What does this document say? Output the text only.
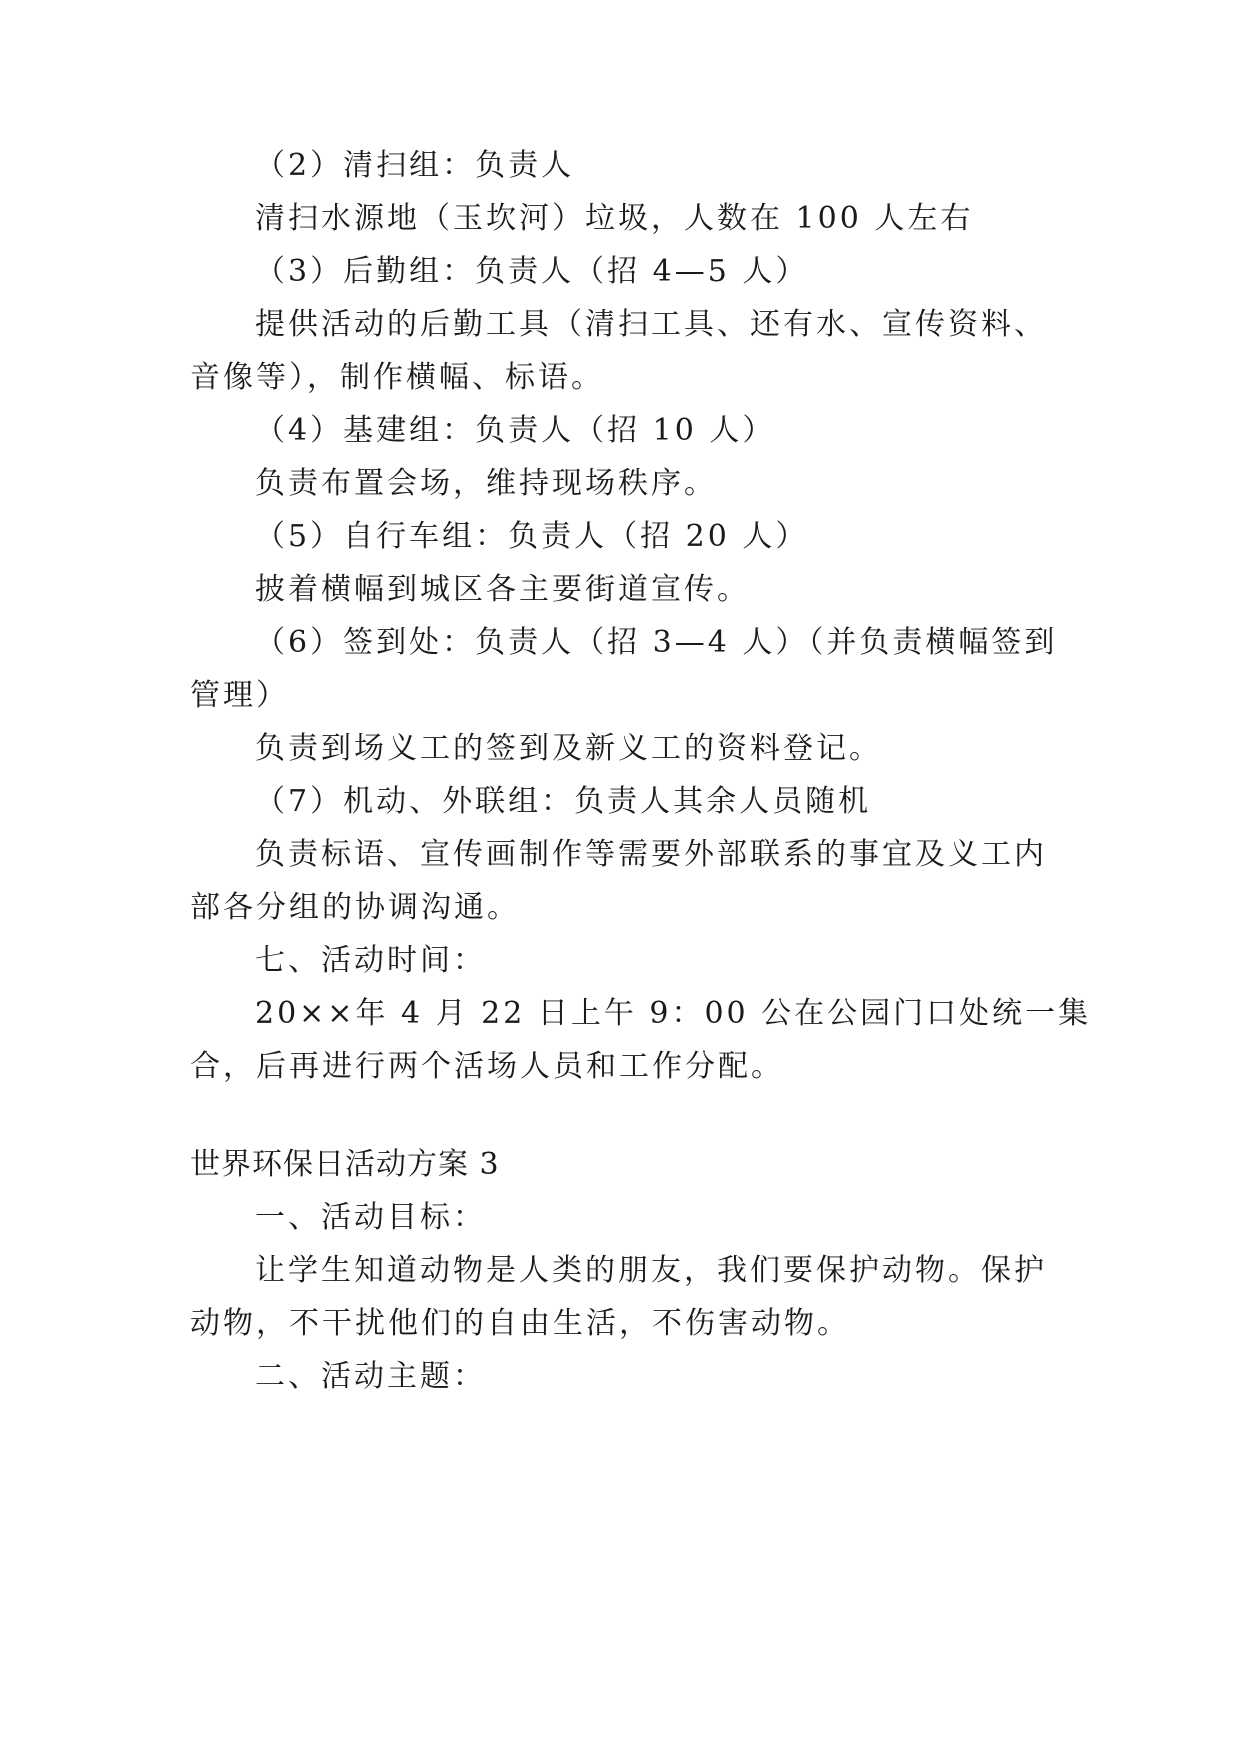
（2）清扫组：负责人
清扫水源地（玉坎河）垃圾，人数在 100 人左右
（3）后勤组：负责人（招 4—5 人）
提供活动的后勤工具（清扫工具、还有水、宣传资料、
音像等），制作横幅、标语。
（4）基建组：负责人（招 10 人）
负责布置会场，维持现场秩序。
（5）自行车组：负责人（招 20 人）
披着横幅到城区各主要街道宣传。
（6）签到处：负责人（招 3—4 人）（并负责横幅签到
管理）
负责到场义工的签到及新义工的资料登记。
（7）机动、外联组：负责人其余人员随机
负责标语、宣传画制作等需要外部联系的事宜及义工内
部各分组的协调沟通。
七、活动时间：
20××年 4 月 22 日上午 9：00 公在公园门口处统一集
合，后再进行两个活场人员和工作分配。
世界环保日活动方案 3
一、活动目标：
让学生知道动物是人类的朋友，我们要保护动物。保护
动物，不干扰他们的自由生活，不伤害动物。
二、活动主题：
